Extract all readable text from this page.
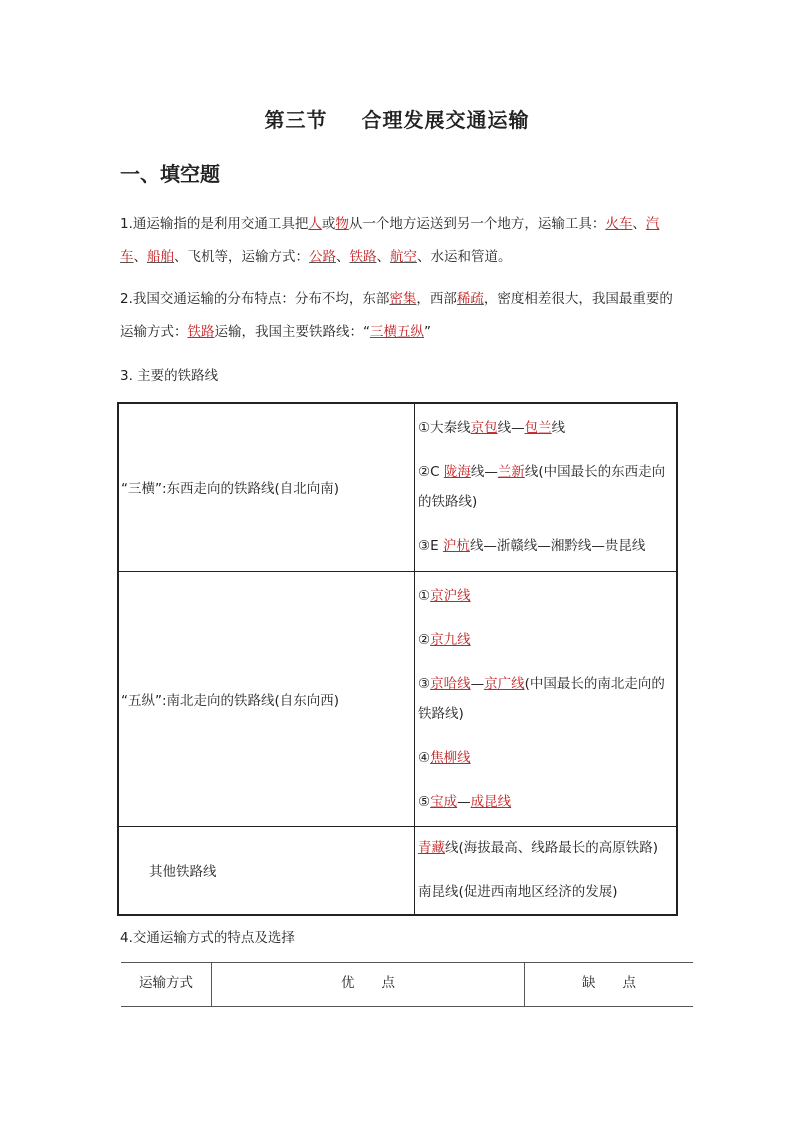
第三节 合理发展交通运输
一、填空题
1.通运输指的是利用交通工具把人或物从一个地方运送到另一个地方，运输工具：火车、汽车、船舶、飞机等，运输方式：公路、铁路、航空、水运和管道。
2.我国交通运输的分布特点：分布不均，东部密集，西部稀疏，密度相差很大，我国最重要的运输方式：铁路运输，我国主要铁路线：“三横五纵”
3. 主要的铁路线
“三横”:东西走向的铁路线(自北向南)	①大秦线京包线—包兰线

②C 陇海线—兰新线(中国最长的东西走向的铁路线)

③E 沪杭线—浙赣线—湘黔线—贵昆线

“五纵”:南北走向的铁路线(自东向西)	①京沪线

②京九线

③京哈线—京广线(中国最长的南北走向的铁路线)

④焦柳线

⑤宝成—成昆线

其他铁路线	青藏线(海拔最高、线路最长的高原铁路)

南昆线(促进西南地区经济的发展)

4.交通运输方式的特点及选择
运输方式	优　　点	缺　　点
